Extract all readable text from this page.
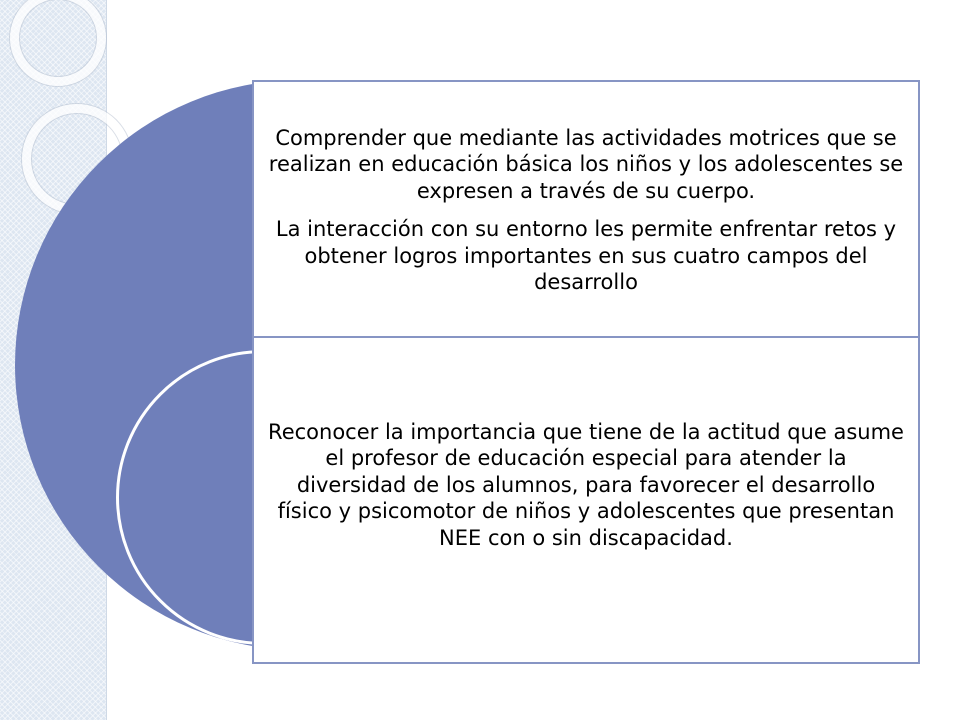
Comprender que mediante las actividades motrices que se realizan en educación básica los niños y los adolescentes se expresen a través de su cuerpo.

La interacción con su entorno les permite enfrentar retos y obtener logros importantes en sus cuatro campos del desarrollo

Reconocer la importancia que tiene de la actitud que asume el profesor de educación especial para atender la diversidad de los alumnos, para favorecer el desarrollo físico y psicomotor de niños y adolescentes que presentan NEE con o sin discapacidad.
